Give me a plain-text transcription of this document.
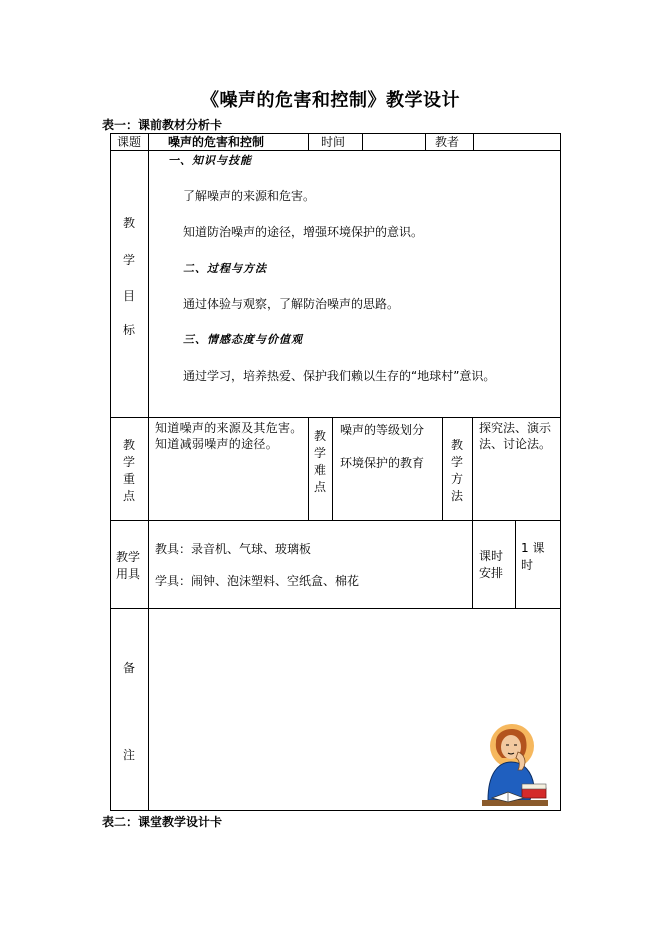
《噪声的危害和控制》教学设计
表一：课前教材分析卡
课题 噪声的危害和控制	时间	教者
教
学
目
标
一、知识与技能
了解噪声的来源和危害。
知道防治噪声的途径，增强环境保护的意识。
二、过程与方法
通过体验与观察，了解防治噪声的思路。
三、情感态度与价值观
通过学习，培养热爱、保护我们赖以生存的“地球村”意识。
教
学
重
点
知道噪声的来源及其危害。知道减弱噪声的途径。
教
学
难
点
噪声的等级划分
环境保护的教育
教
学
方
法
探究法、演示法、讨论法。
教学
用具
教具：录音机、气球、玻璃板
学具：闹钟、泡沫塑料、空纸盒、棉花
课时
安排
1 课
时
备
注
表二：课堂教学设计卡
